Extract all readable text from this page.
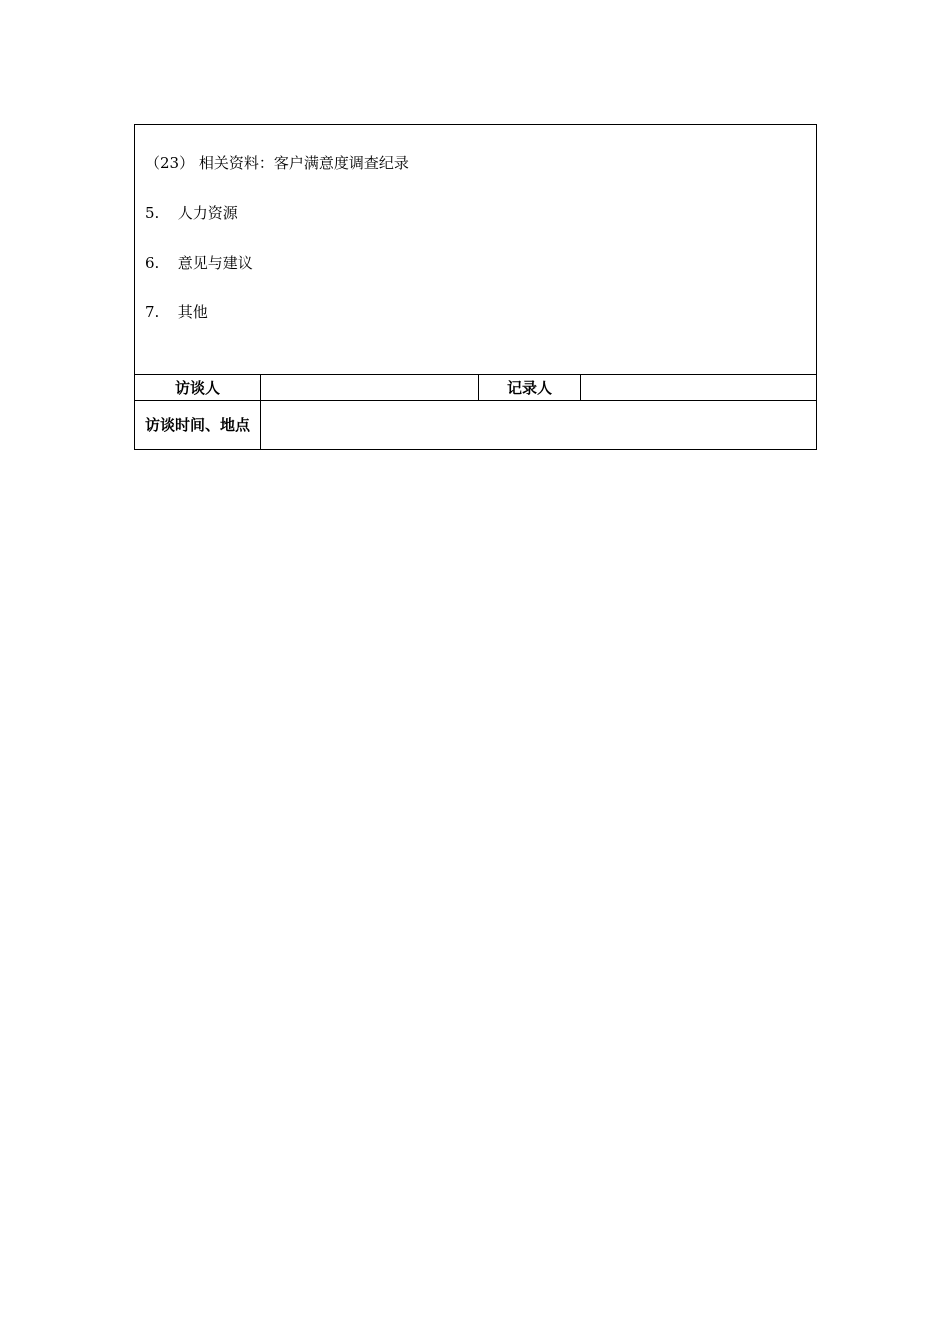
（23） 相关资料：客户满意度调查纪录
5. 人力资源
6. 意见与建议
7. 其他			

访谈人		记录人	
访谈时间、地点			
